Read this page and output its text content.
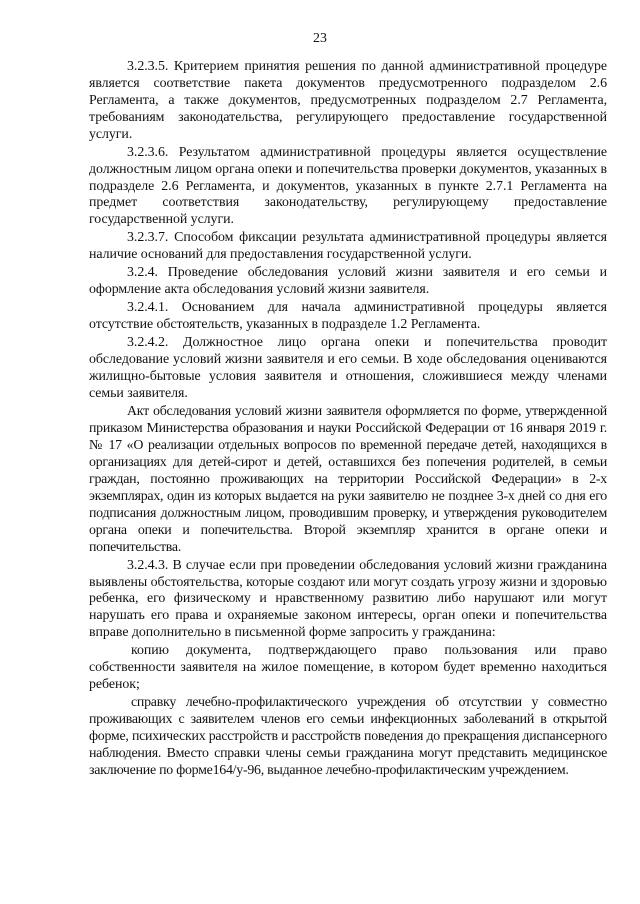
23

3.2.3.5. Критерием принятия решения по данной административной процедуре является соответствие пакета документов предусмотренного подразделом 2.6 Регламента, а также документов, предусмотренных подразделом 2.7 Регламента, требованиям законодательства, регулирующего предоставление государственной услуги.

3.2.3.6. Результатом административной процедуры является осуществление должностным лицом органа опеки и попечительства проверки документов, указанных в подразделе 2.6 Регламента, и документов, указанных в пункте 2.7.1 Регламента на предмет соответствия законодательству, регулирующему предоставление государственной услуги.

3.2.3.7. Способом фиксации результата административной процедуры является наличие оснований для предоставления государственной услуги.

3.2.4. Проведение обследования условий жизни заявителя и его семьи и оформление акта обследования условий жизни заявителя.

3.2.4.1. Основанием для начала административной процедуры является отсутствие обстоятельств, указанных в подразделе 1.2 Регламента.

3.2.4.2. Должностное лицо органа опеки и попечительства проводит обследование условий жизни заявителя и его семьи. В ходе обследования оцениваются жилищно-бытовые условия заявителя и отношения, сложившиеся между членами семьи заявителя.

Акт обследования условий жизни заявителя оформляется по форме, утвержденной приказом Министерства образования и науки Российской Федерации от 16 января 2019 г. № 17 «О реализации отдельных вопросов по временной передаче детей, находящихся в организациях для детей-сирот и детей, оставшихся без попечения родителей, в семьи граждан, постоянно проживающих на территории Российской Федерации» в 2-х экземплярах, один из которых выдается на руки заявителю не позднее 3-х дней со дня его подписания должностным лицом, проводившим проверку, и утверждения руководителем органа опеки и попечительства. Второй экземпляр хранится в органе опеки и попечительства.

3.2.4.3. В случае если при проведении обследования условий жизни гражданина выявлены обстоятельства, которые создают или могут создать угрозу жизни и здоровью ребенка, его физическому и нравственному развитию либо нарушают или могут нарушать его права и охраняемые законом интересы, орган опеки и попечительства вправе дополнительно в письменной форме запросить у гражданина:

копию документа, подтверждающего право пользования или право собственности заявителя на жилое помещение, в котором будет временно находиться ребенок;

справку лечебно-профилактического учреждения об отсутствии у совместно проживающих с заявителем членов его семьи инфекционных заболеваний в открытой форме, психических расстройств и расстройств поведения до прекращения диспансерного наблюдения. Вместо справки члены семьи гражданина могут представить медицинское заключение по форме164/у-96, выданное лечебно-профилактическим учреждением.
